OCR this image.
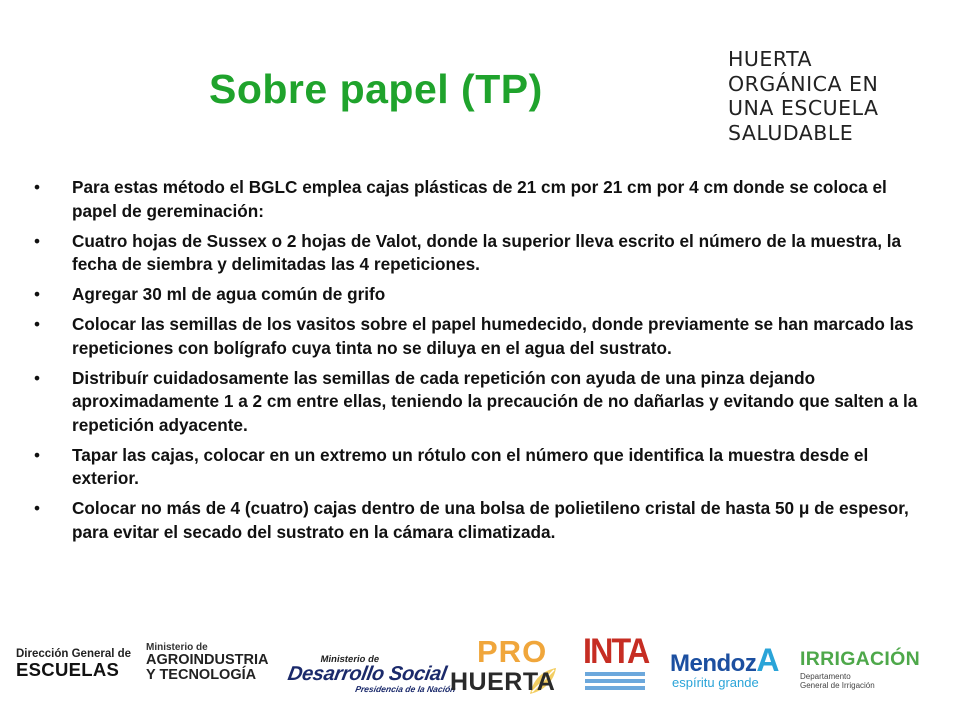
Sobre papel (TP)
HUERTA
ORGÁNICA EN
UNA ESCUELA
SALUDABLE
• Para estas método el BGLC emplea cajas plásticas de 21 cm por 21 cm por 4 cm donde se coloca el papel de gereminación:
• Cuatro hojas de Sussex o 2 hojas de Valot, donde la superior lleva escrito el número de la muestra, la fecha de siembra y delimitadas las 4 repeticiones.
• Agregar 30 ml de agua común de grifo
• Colocar las semillas de los vasitos sobre el papel humedecido, donde previamente se han marcado las repeticiones con bolígrafo cuya tinta no se diluya en el agua del sustrato.
• Distribuír cuidadosamente las semillas de cada repetición con ayuda de una pinza dejando aproximadamente 1 a 2 cm entre ellas, teniendo la precaución de no dañarlas y evitando que salten a la repetición adyacente.
• Tapar las cajas, colocar en un extremo un rótulo con el número que identifica la muestra desde el exterior.
• Colocar no más de 4 (cuatro) cajas dentro de una bolsa de polietileno cristal de hasta 50 μ de espesor, para evitar el secado del sustrato en la cámara climatizada.
Dirección General de
ESCUELAS
Ministerio de
AGROINDUSTRIA
Y TECNOLOGÍA
Ministerio de
Desarrollo Social
Presidencia de la Nación
PRO
HUERTA
INTA MendozA
espíritu grande
IRRIGACIÓN
Departamento General de Irrigación
